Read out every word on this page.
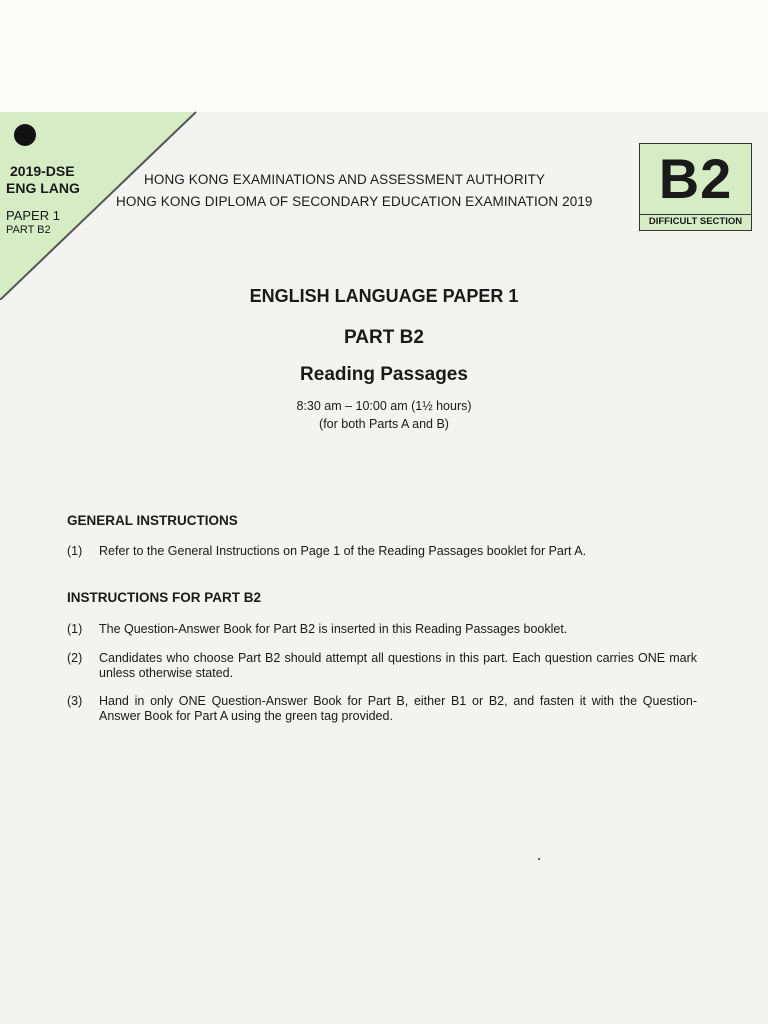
2019-DSE
ENG LANG
PAPER 1
PART B2
HONG KONG EXAMINATIONS AND ASSESSMENT AUTHORITY
HONG KONG DIPLOMA OF SECONDARY EDUCATION EXAMINATION 2019	B2
DIFFICULT SECTION
ENGLISH LANGUAGE PAPER 1
PART B2
Reading Passages
8:30 am – 10:00 am (1½ hours)
(for both Parts A and B)
GENERAL INSTRUCTIONS
(1)	Refer to the General Instructions on Page 1 of the Reading Passages booklet for Part A.
INSTRUCTIONS FOR PART B2
(1)	The Question-Answer Book for Part B2 is inserted in this Reading Passages booklet.
(2)	Candidates who choose Part B2 should attempt all questions in this part. Each question carries ONE mark unless otherwise stated.
(3)	Hand in only ONE Question-Answer Book for Part B, either B1 or B2, and fasten it with the Question-Answer Book for Part A using the green tag provided.
